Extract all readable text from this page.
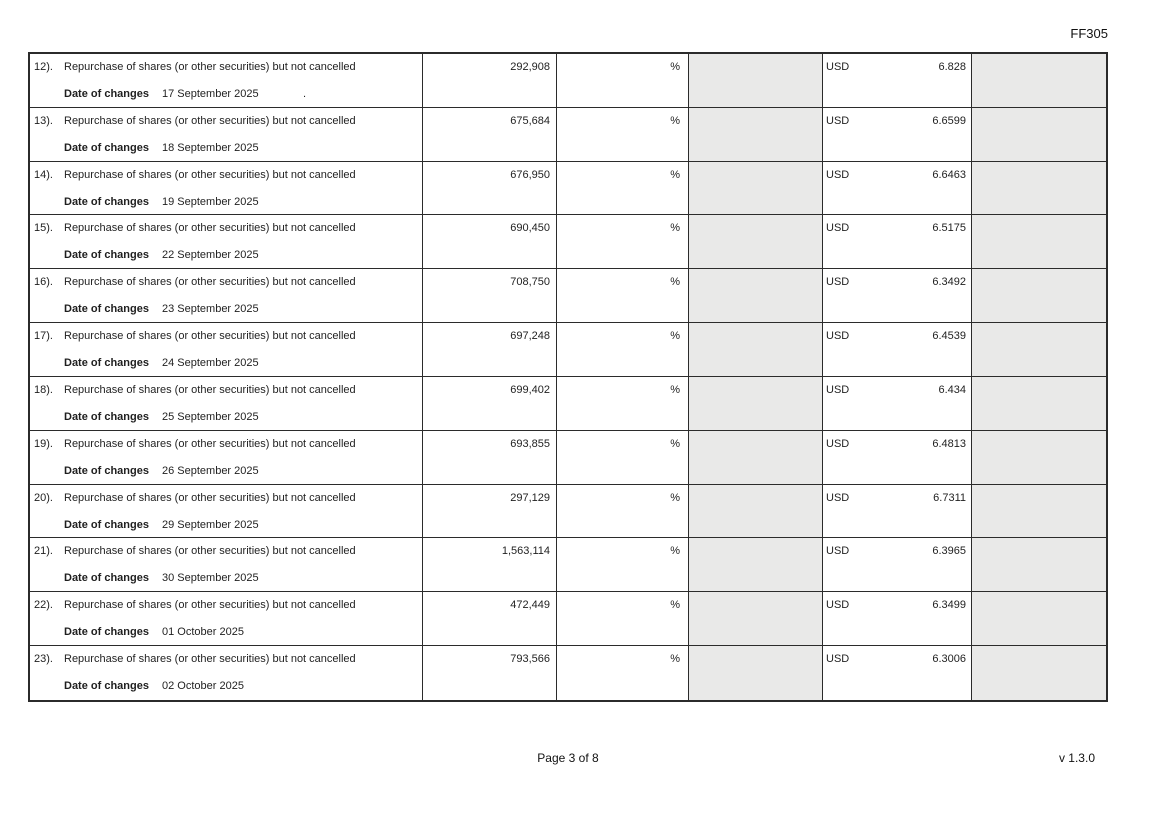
FF305
12). Repurchase of shares (or other securities) but not cancelled
Date of changes 17 September 2025	.
292,908	%	USD	6.828
13). Repurchase of shares (or other securities) but not cancelled
Date of changes 18 September 2025
675,684	%	USD	6.6599
14). Repurchase of shares (or other securities) but not cancelled
Date of changes 19 September 2025
676,950	%	USD	6.6463
15). Repurchase of shares (or other securities) but not cancelled
Date of changes 22 September 2025
690,450	%	USD	6.5175
16). Repurchase of shares (or other securities) but not cancelled
Date of changes 23 September 2025
708,750	%	USD	6.3492
17). Repurchase of shares (or other securities) but not cancelled
Date of changes 24 September 2025
697,248	%	USD	6.4539
18). Repurchase of shares (or other securities) but not cancelled
Date of changes 25 September 2025
699,402	%	USD	6.434
19). Repurchase of shares (or other securities) but not cancelled
Date of changes 26 September 2025
693,855	%	USD	6.4813
20). Repurchase of shares (or other securities) but not cancelled
Date of changes 29 September 2025
297,129	%	USD	6.7311
21). Repurchase of shares (or other securities) but not cancelled
Date of changes 30 September 2025
1,563,114	%	USD	6.3965
22). Repurchase of shares (or other securities) but not cancelled
Date of changes 01 October 2025
472,449	%	USD	6.3499
23). Repurchase of shares (or other securities) but not cancelled
Date of changes 02 October 2025
793,566	%	USD	6.3006
Page 3 of 8	v 1.3.0
